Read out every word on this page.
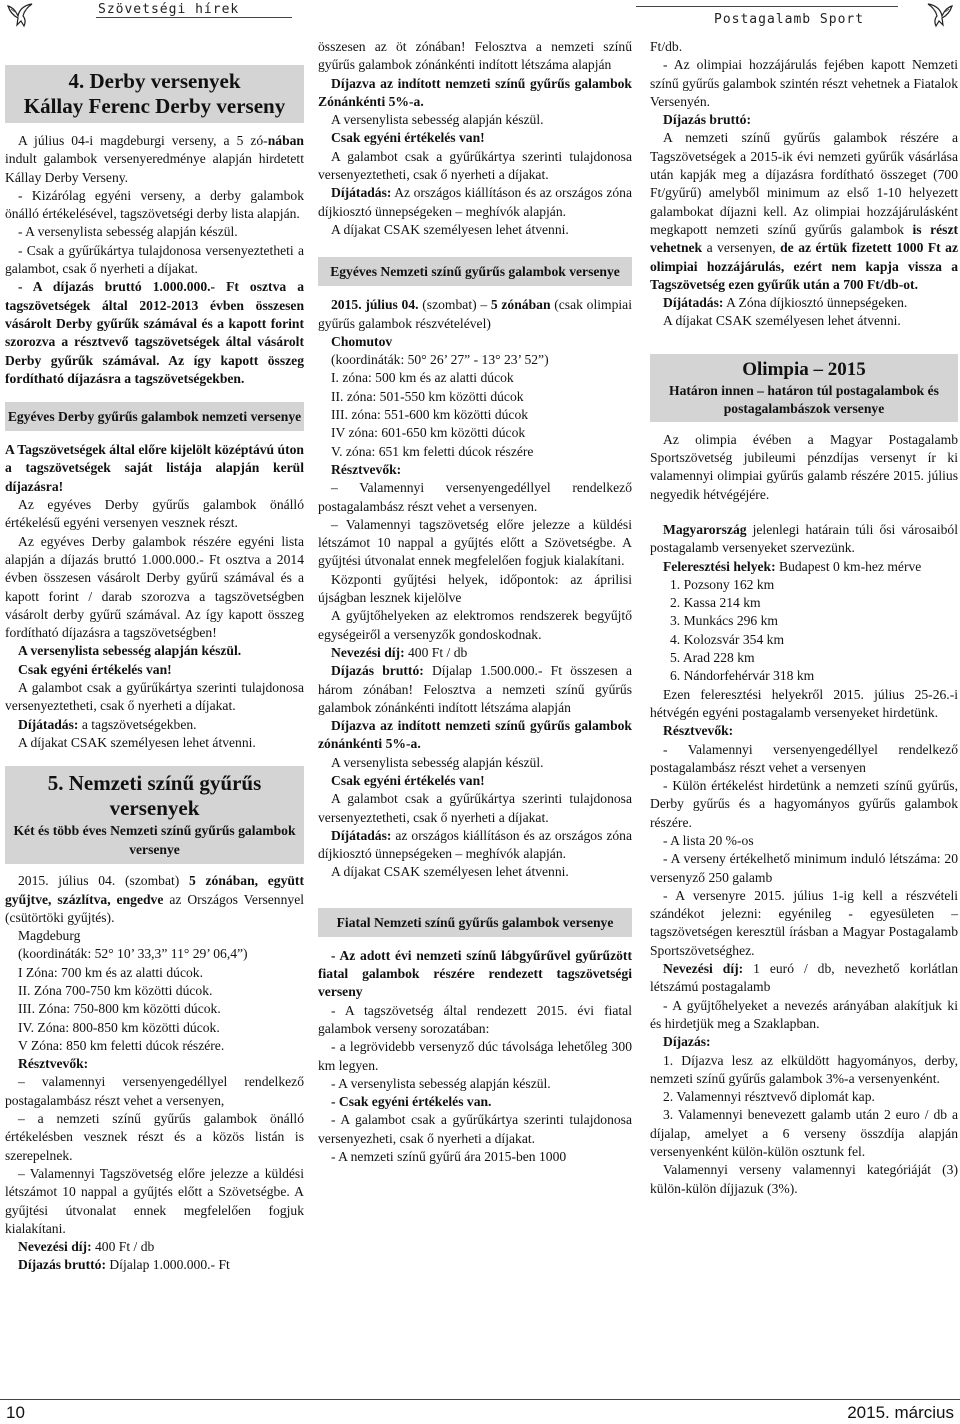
Szövetségi hírek
Postagalamb Sport
4. Derby versenyek
Kállay Ferenc Derby verseny

A július 04-i magdeburgi verseny, a 5 zó-nában indult galambok versenyeredménye alapján hirdetett Kállay Derby Verseny.

- Kizárólag egyéni verseny, a derby galambok önálló értékelésével, tagszövetségi derby lista alapján.

- A versenylista sebesség alapján készül.

- Csak a gyűrűkártya tulajdonosa versenyeztetheti a galambot, csak ő nyerheti a díjakat.

- A díjazás bruttó 1.000.000.- Ft osztva a tagszövetségek által 2012-2013 évben összesen vásárolt Derby gyűrűk számával és a kapott forint szorozva a résztvevő tagszövetségek által vásárolt Derby gyűrűk számával. Az így kapott összeg fordítható díjazásra a tagszövetségekben.

Egyéves Derby gyűrűs galambok nemzeti versenye

A Tagszövetségek által előre kijelölt középtávú úton a tagszövetségek saját listája alapján kerül díjazásra!

Az egyéves Derby gyűrűs galambok önálló értékelésű egyéni versenyen vesznek részt.

Az egyéves Derby galambok részére egyéni lista alapján a díjazás bruttó 1.000.000.- Ft osztva a 2014 évben összesen vásárolt Derby gyűrű számával és a kapott forint / darab szorozva a tagszövetségben vásárolt derby gyűrű számával. Az így kapott összeg fordítható díjazásra a tagszövetségben!

A versenylista sebesség alapján készül.

Csak egyéni értékelés van!

A galambot csak a gyűrűkártya szerinti tulajdonosa versenyeztetheti, csak ő nyerheti a díjakat.

Díjátadás: a tagszövetségekben.

A díjakat CSAK személyesen lehet átvenni.

5. Nemzeti színű gyűrűs
versenyek
Két és több éves Nemzeti színű gyűrűs galambok versenye

2015. július 04. (szombat) 5 zónában, együtt gyűjtve, százlítva, engedve az Országos Versennyel (csütörtöki gyűjtés).

Magdeburg

(koordináták: 52° 10’ 33,3” 11° 29’ 06,4”)

I Zóna: 700 km és az alatti dúcok.

II. Zóna 700-750 km közötti dúcok.

III. Zóna: 750-800 km közötti dúcok.

IV. Zóna: 800-850 km közötti dúcok.

V Zóna: 850 km feletti dúcok részére.

Résztvevők:

– valamennyi versenyengedéllyel rendelkező postagalambász részt vehet a versenyen,

– a nemzeti színű gyűrűs galambok önálló értékelésben vesznek részt és a közös listán is szerepelnek.

– Valamennyi Tagszövetség előre jelezze a küldési létszámot 10 nappal a gyűjtés előtt a Szövetségbe. A gyűjtési útvonalat ennek megfelelően fogjuk kialakítani.

Nevezési díj: 400 Ft / db

Díjazás bruttó: Díjalap 1.000.000.- Ft

összesen az öt zónában! Felosztva a nemzeti színű gyűrűs galambok zónánkénti indított létszáma alapján

Díjazva az indított nemzeti színű gyűrűs galambok Zónánkénti 5%-a.

A versenylista sebesség alapján készül.

Csak egyéni értékelés van!

A galambot csak a gyűrűkártya szerinti tulajdonosa versenyeztetheti, csak ő nyerheti a díjakat.

Díjátadás: Az országos kiállításon és az országos zóna díjkiosztó ünnepségeken – meghívók alapján.

A díjakat CSAK személyesen lehet átvenni.

Egyéves Nemzeti színű gyűrűs galambok versenye

2015. július 04. (szombat) – 5 zónában (csak olimpiai gyűrűs galambok részvételével)

Chomutov

(koordináták: 50° 26’ 27” - 13° 23’ 52”)

I. zóna: 500 km és az alatti dúcok

II. zóna: 501-550 km közötti dúcok

III. zóna: 551-600 km közötti dúcok

IV zóna: 601-650 km közötti dúcok

V. zóna: 651 km feletti dúcok részére

Résztvevők:

– Valamennyi versenyengedéllyel rendelkező postagalambász részt vehet a versenyen.

– Valamennyi tagszövetség előre jelezze a küldési létszámot 10 nappal a gyűjtés előtt a Szövetségbe. A gyűjtési útvonalat ennek megfelelően fogjuk kialakítani.

Központi gyűjtési helyek, időpontok: az áprilisi újságban lesznek kijelölve

A gyűjtőhelyeken az elektromos rendszerek begyűjtő egységeiről a versenyzők gondoskodnak.

Nevezési díj: 400 Ft / db

Díjazás bruttó: Díjalap 1.500.000.- Ft összesen a három zónában! Felosztva a nemzeti színű gyűrűs galambok zónánkénti indított létszáma alapján

Díjazva az indított nemzeti színű gyűrűs galambok zónánkénti 5%-a.

A versenylista sebesség alapján készül.

Csak egyéni értékelés van!

A galambot csak a gyűrűkártya szerinti tulajdonosa versenyeztetheti, csak ő nyerheti a díjakat.

Díjátadás: az országos kiállításon és az országos zóna díjkiosztó ünnepségeken – meghívók alapján.

A díjakat CSAK személyesen lehet átvenni.

Fiatal Nemzeti színű gyűrűs galambok versenye

- Az adott évi nemzeti színű lábgyűrűvel gyűrűzött fiatal galambok részére rendezett tagszövetségi verseny

- A tagszövetség által rendezett 2015. évi fiatal galambok verseny sorozatában:

- a legrövidebb versenyző dúc távolsága lehetőleg 300 km legyen.

- A versenylista sebesség alapján készül.

- Csak egyéni értékelés van.

- A galambot csak a gyűrűkártya szerinti tulajdonosa versenyezheti, csak ő nyerheti a díjakat.

- A nemzeti színű gyűrű ára 2015-ben 1000

Ft/db.

- Az olimpiai hozzájárulás fejében kapott Nemzeti színű gyűrűs galambok szintén részt vehetnek a Fiatalok Versenyén.

Díjazás bruttó:

A nemzeti színű gyűrűs galambok részére a Tagszövetségek a 2015-ik évi nemzeti gyűrűk vásárlása után kapják meg a díjazásra fordítható összeget (700 Ft/gyűrű) amelyből minimum az első 1-10 helyezett galambokat díjazni kell. Az olimpiai hozzájárulásként megkapott nemzeti színű gyűrűs galambok is részt vehetnek a versenyen, de az értük fizetett 1000 Ft az olimpiai hozzájárulás, ezért nem kapja vissza a Tagszövetség ezen gyűrűk után a 700 Ft/db-ot.

Díjátadás: A Zóna díjkiosztó ünnepségeken.

A díjakat CSAK személyesen lehet átvenni.

Olimpia – 2015
Határon innen – határon túl postagalambok és postagalambászok versenye

Az olimpia évében a Magyar Postagalamb Sportszövetség jubileumi pénzdíjas versenyt ír ki valamennyi olimpiai gyűrűs galamb részére 2015. július negyedik hétvégéjére.

Magyarország jelenlegi határain túli ősi városaiból postagalamb versenyeket szervezünk.

Feleresztési helyek: Budapest 0 km-hez mérve

1. Pozsony 162 km

2. Kassa 214 km

3. Munkács 296 km

4. Kolozsvár 354 km

5. Arad 228 km

6. Nándorfehérvár 318 km

Ezen feleresztési helyekről 2015. július 25-26.-i hétvégén egyéni postagalamb versenyeket hirdetünk.

Résztvevők:

- Valamennyi versenyengedéllyel rendelkező postagalambász részt vehet a versenyen

- Külön értékelést hirdetünk a nemzeti színű gyűrűs, Derby gyűrűs és a hagyományos gyűrűs galambok részére.

- A lista 20 %-os

- A verseny értékelhető minimum induló létszáma: 20 versenyző 250 galamb

- A versenyre 2015. július 1-ig kell a részvételi szándékot jelezni: egyénileg - egyesületen – tagszövetségen keresztül írásban a Magyar Postagalamb Sportszövetséghez.

Nevezési díj: 1 euró / db, nevezhető korlátlan létszámú postagalamb

- A gyűjtőhelyeket a nevezés arányában alakítjuk ki és hirdetjük meg a Szaklapban.

Díjazás:

1. Díjazva lesz az elküldött hagyományos, derby, nemzeti színű gyűrűs galambok 3%-a versenyenként.

2. Valamennyi résztvevő diplomát kap.

3. Valamennyi benevezett galamb után 2 euro / db a díjalap, amelyet a 6 verseny összdíja alapján versenyenként külön-külön osztunk fel.

Valamennyi verseny valamennyi kategóriáját (3) külön-külön díjjazuk (3%).

10	2015. március
